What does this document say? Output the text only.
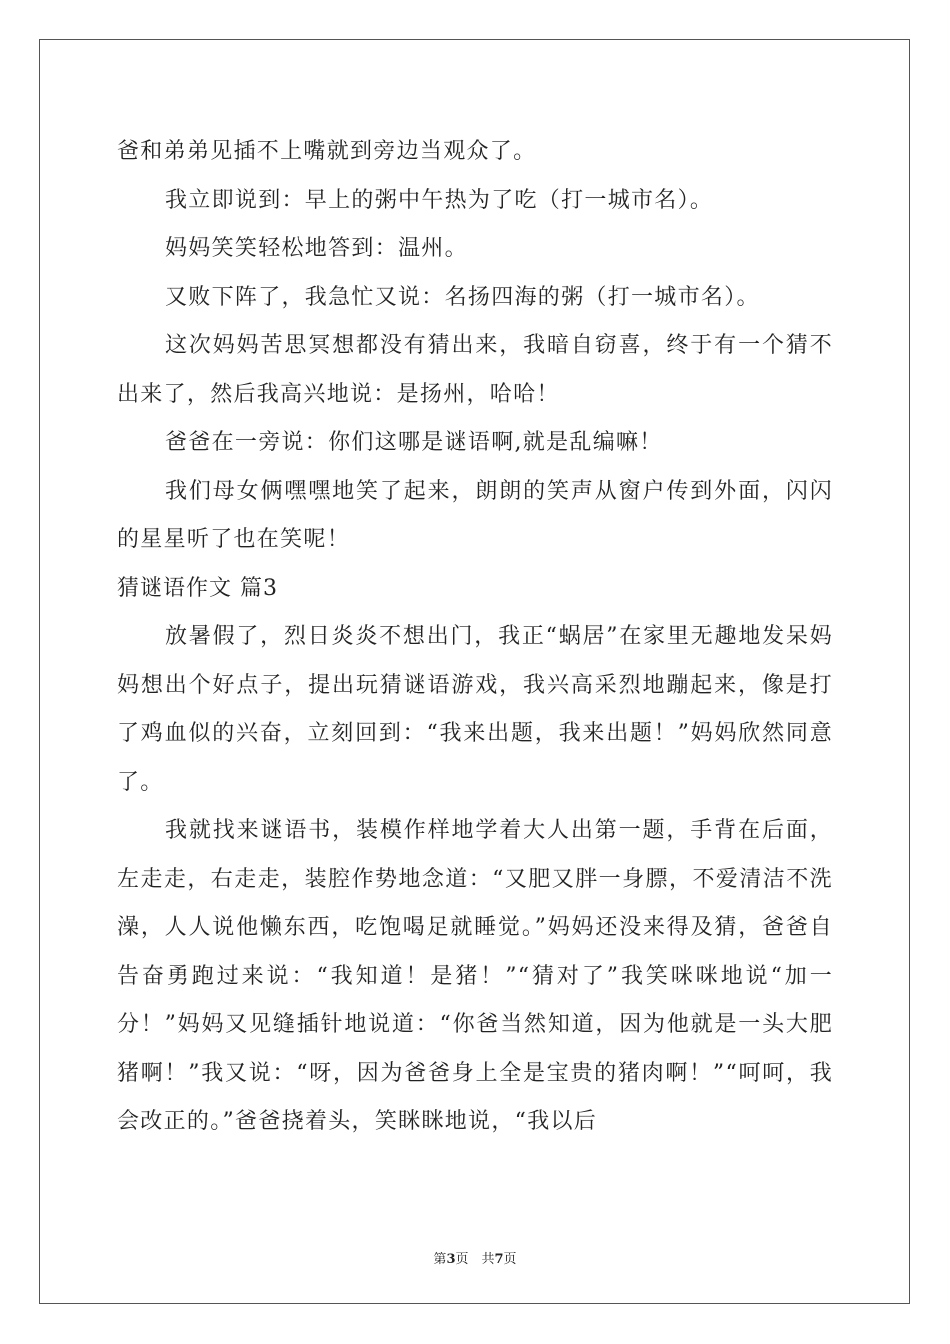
爸和弟弟见插不上嘴就到旁边当观众了。

我立即说到：早上的粥中午热为了吃（打一城市名）。

妈妈笑笑轻松地答到：温州。

又败下阵了，我急忙又说：名扬四海的粥（打一城市名）。

这次妈妈苦思冥想都没有猜出来，我暗自窃喜，终于有一个猜不出来了，然后我高兴地说：是扬州，哈哈！

爸爸在一旁说：你们这哪是谜语啊,就是乱编嘛！

我们母女俩嘿嘿地笑了起来，朗朗的笑声从窗户传到外面，闪闪的星星听了也在笑呢！

猜谜语作文 篇3

放暑假了，烈日炎炎不想出门，我正“蜗居”在家里无趣地发呆妈妈想出个好点子，提出玩猜谜语游戏，我兴高采烈地蹦起来，像是打了鸡血似的兴奋，立刻回到：“我来出题，我来出题！”妈妈欣然同意了。

我就找来谜语书，装模作样地学着大人出第一题，手背在后面，左走走，右走走，装腔作势地念道：“又肥又胖一身膘，不爱清洁不洗澡，人人说他懒东西，吃饱喝足就睡觉。”妈妈还没来得及猜，爸爸自告奋勇跑过来说：“我知道！是猪！”“猜对了”我笑咪咪地说“加一分！”妈妈又见缝插针地说道：“你爸当然知道，因为他就是一头大肥猪啊！”我又说：“呀，因为爸爸身上全是宝贵的猪肉啊！”“呵呵，我会改正的。”爸爸挠着头，笑眯眯地说，“我以后

第3页　共7页
